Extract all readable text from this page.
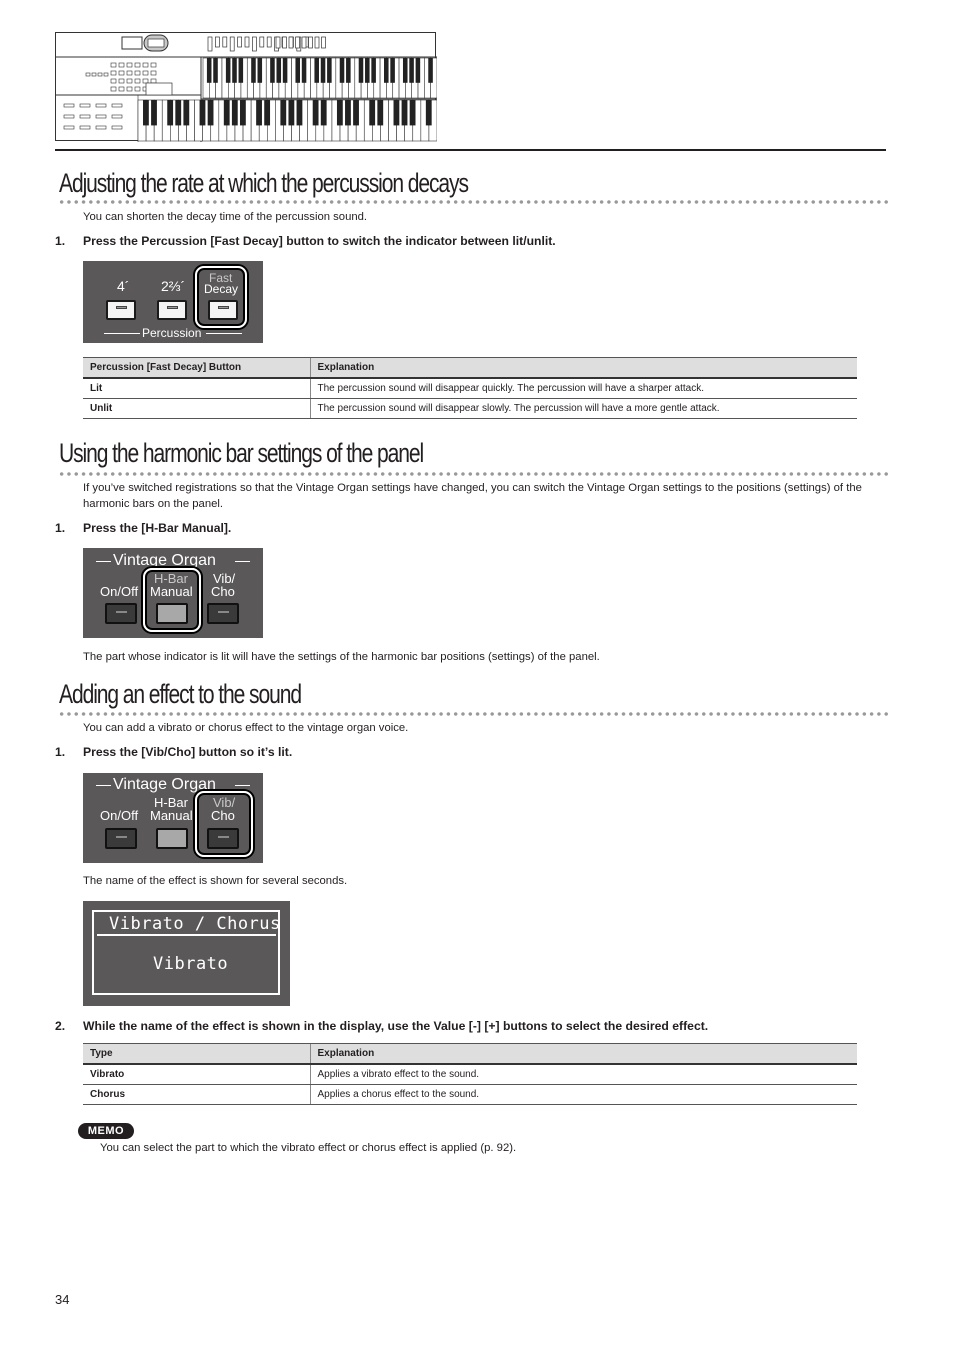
Adjusting the rate at which the percussion decays
You can shorten the decay time of the percussion sound.
1. Press the Percussion [Fast Decay] button to switch the indicator between lit/unlit.
4´ 2⅔´ Fast
Decay
Percussion
Percussion [Fast Decay] Button	Explanation
Lit	The percussion sound will disappear quickly. The percussion will have a sharper attack.
Unlit	The percussion sound will disappear slowly. The percussion will have a more gentle attack.
Using the harmonic bar settings of the panel
If you’ve switched registrations so that the Vintage Organ settings have changed, you can switch the Vintage Organ settings to the positions (settings) of the harmonic bars on the panel.
1. Press the [H-Bar Manual].
Vintage Organ
On/Off
H-Bar
Manual
Vib/
Cho
The part whose indicator is lit will have the settings of the harmonic bar positions (settings) of the panel.
Adding an effect to the sound
You can add a vibrato or chorus effect to the vintage organ voice.
1. Press the [Vib/Cho] button so it’s lit.
Vintage Organ
On/Off
H-Bar
Manual
Vib/
Cho
The name of the effect is shown for several seconds.
Vibrato / Chorus
Vibrato
2. While the name of the effect is shown in the display, use the Value [-] [+] buttons to select the desired effect.
Type	Explanation
Vibrato	Applies a vibrato effect to the sound.
Chorus	Applies a chorus effect to the sound.
MEMO
You can select the part to which the vibrato effect or chorus effect is applied (p. 92).
34
